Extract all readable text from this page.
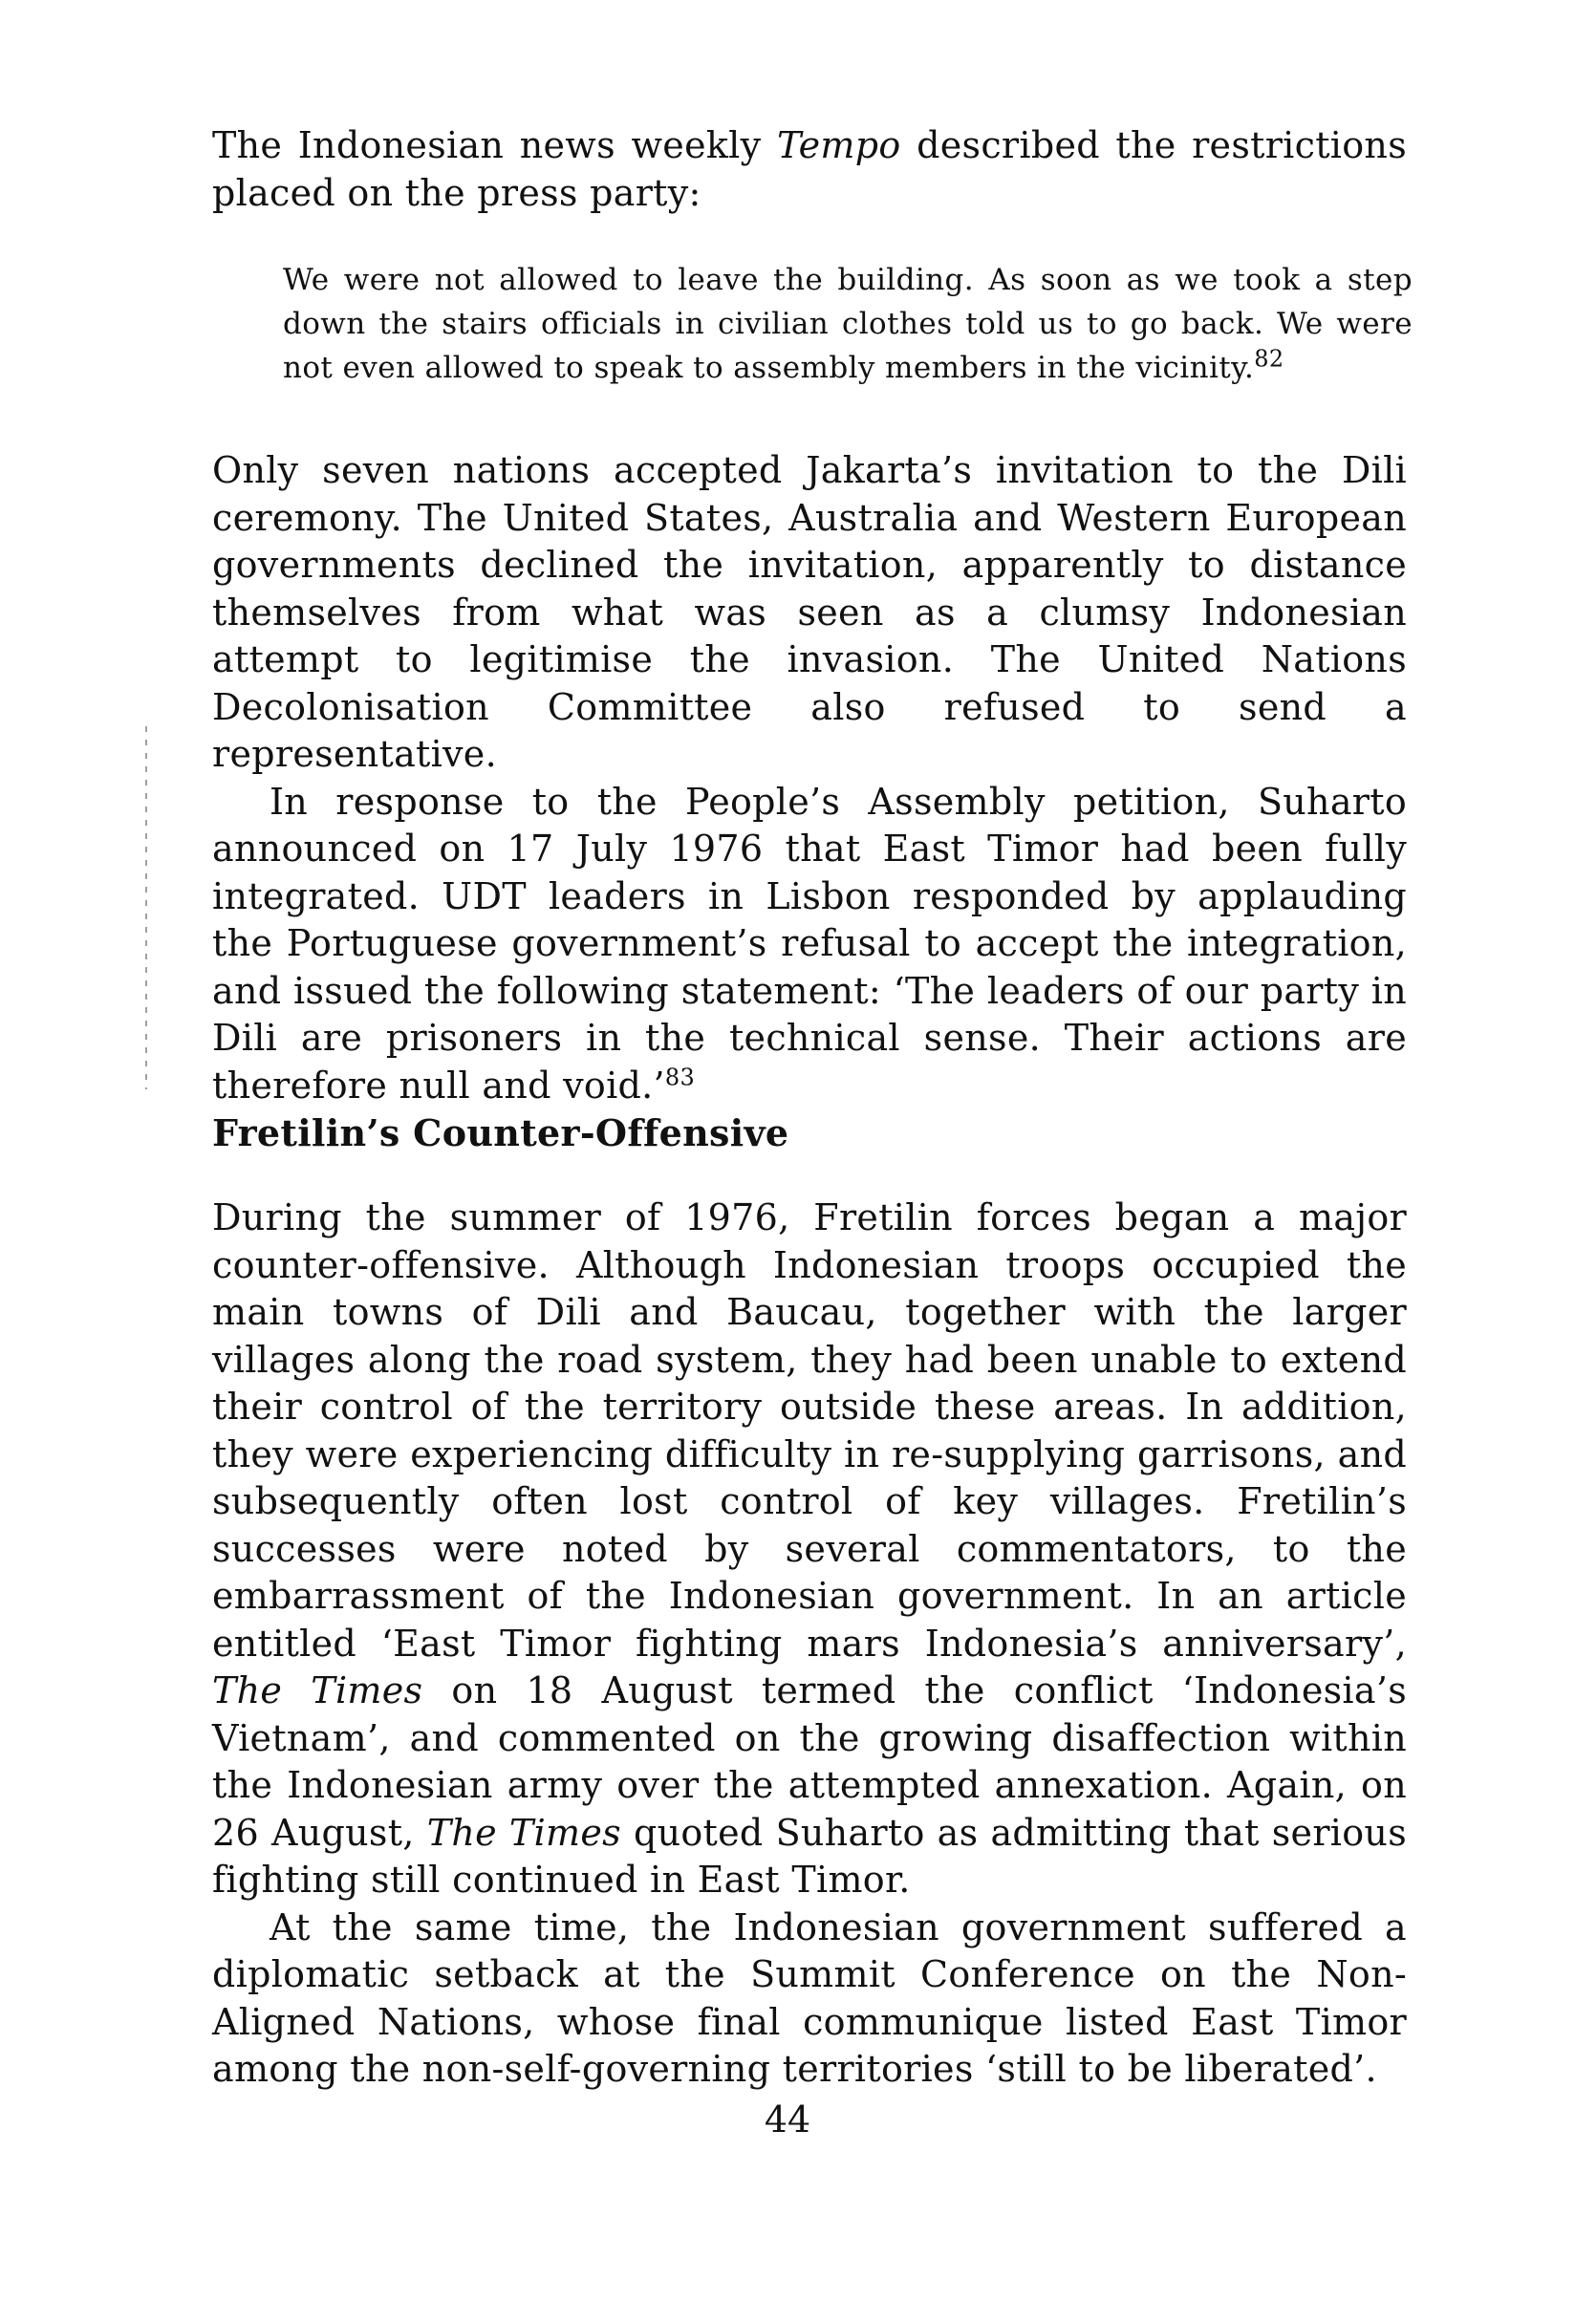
The Indonesian news weekly Tempo described the restrictions placed on the press party:

We were not allowed to leave the building. As soon as we took a step down the stairs officials in civilian clothes told us to go back. We were not even allowed to speak to assembly members in the vicinity.$^{82}$

Only seven nations accepted Jakarta’s invitation to the Dili ceremony. The United States, Australia and Western European governments declined the invitation, apparently to distance themselves from what was seen as a clumsy Indonesian attempt to legitimise the invasion. The United Nations Decolonisation Committee also refused to send a representative.

In response to the People’s Assembly petition, Suharto announced on 17 July 1976 that East Timor had been fully integrated. UDT leaders in Lisbon responded by applauding the Portuguese government’s refusal to accept the integration, and issued the following statement: ‘The leaders of our party in Dili are prisoners in the technical sense. Their actions are therefore null and void.’$^{83}$

Fretilin’s Counter-Offensive

During the summer of 1976, Fretilin forces began a major counter-offensive. Although Indonesian troops occupied the main towns of Dili and Baucau, together with the larger villages along the road system, they had been unable to extend their control of the territory outside these areas. In addition, they were experiencing difficulty in re-supplying garrisons, and subsequently often lost control of key villages. Fretilin’s successes were noted by several commentators, to the embarrassment of the Indonesian government. In an article entitled ‘East Timor fighting mars Indonesia’s anniversary’, The Times on 18 August termed the conflict ‘Indonesia’s Vietnam’, and commented on the growing disaffection within the Indonesian army over the attempted annexation. Again, on 26 August, The Times quoted Suharto as admitting that serious fighting still continued in East Timor.

At the same time, the Indonesian government suffered a diplomatic setback at the Summit Conference on the Non-Aligned Nations, whose final communique listed East Timor among the non-self-governing territories ‘still to be liberated’.

44
